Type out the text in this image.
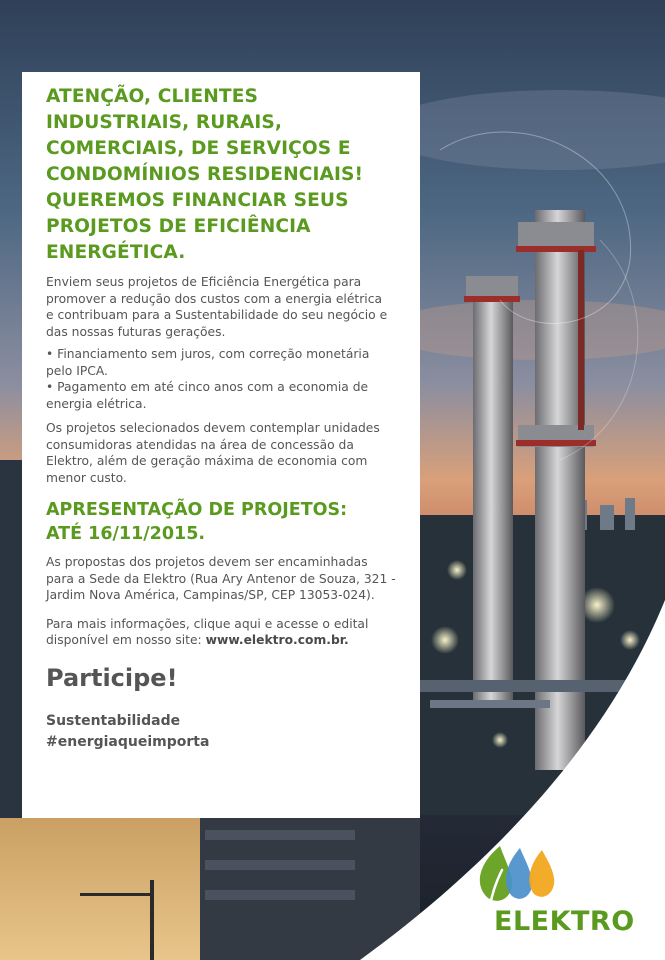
ATENÇÃO, CLIENTES
INDUSTRIAIS, RURAIS,
COMERCIAIS, DE SERVIÇOS E
CONDOMÍNIOS RESIDENCIAIS!
QUEREMOS FINANCIAR SEUS
PROJETOS DE EFICIÊNCIA
ENERGÉTICA.
Enviem seus projetos de Eficiência Energética para
promover a redução dos custos com a energia elétrica
e contribuam para a Sustentabilidade do seu negócio e
das nossas futuras gerações.
• Financiamento sem juros, com correção monetária
pelo IPCA.
• Pagamento em até cinco anos com a economia de
energia elétrica.
Os projetos selecionados devem contemplar unidades
consumidoras atendidas na área de concessão da
Elektro, além de geração máxima de economia com
menor custo.
APRESENTAÇÃO DE PROJETOS:
ATÉ 16/11/2015.
As propostas dos projetos devem ser encaminhadas
para a Sede da Elektro (Rua Ary Antenor de Souza, 321 -
Jardim Nova América, Campinas/SP, CEP 13053-024).
Para mais informações, clique aqui e acesse o edital
disponível em nosso site: www.elektro.com.br.
Participe!
Sustentabilidade
#energiaqueimporta
ELEKTRO
